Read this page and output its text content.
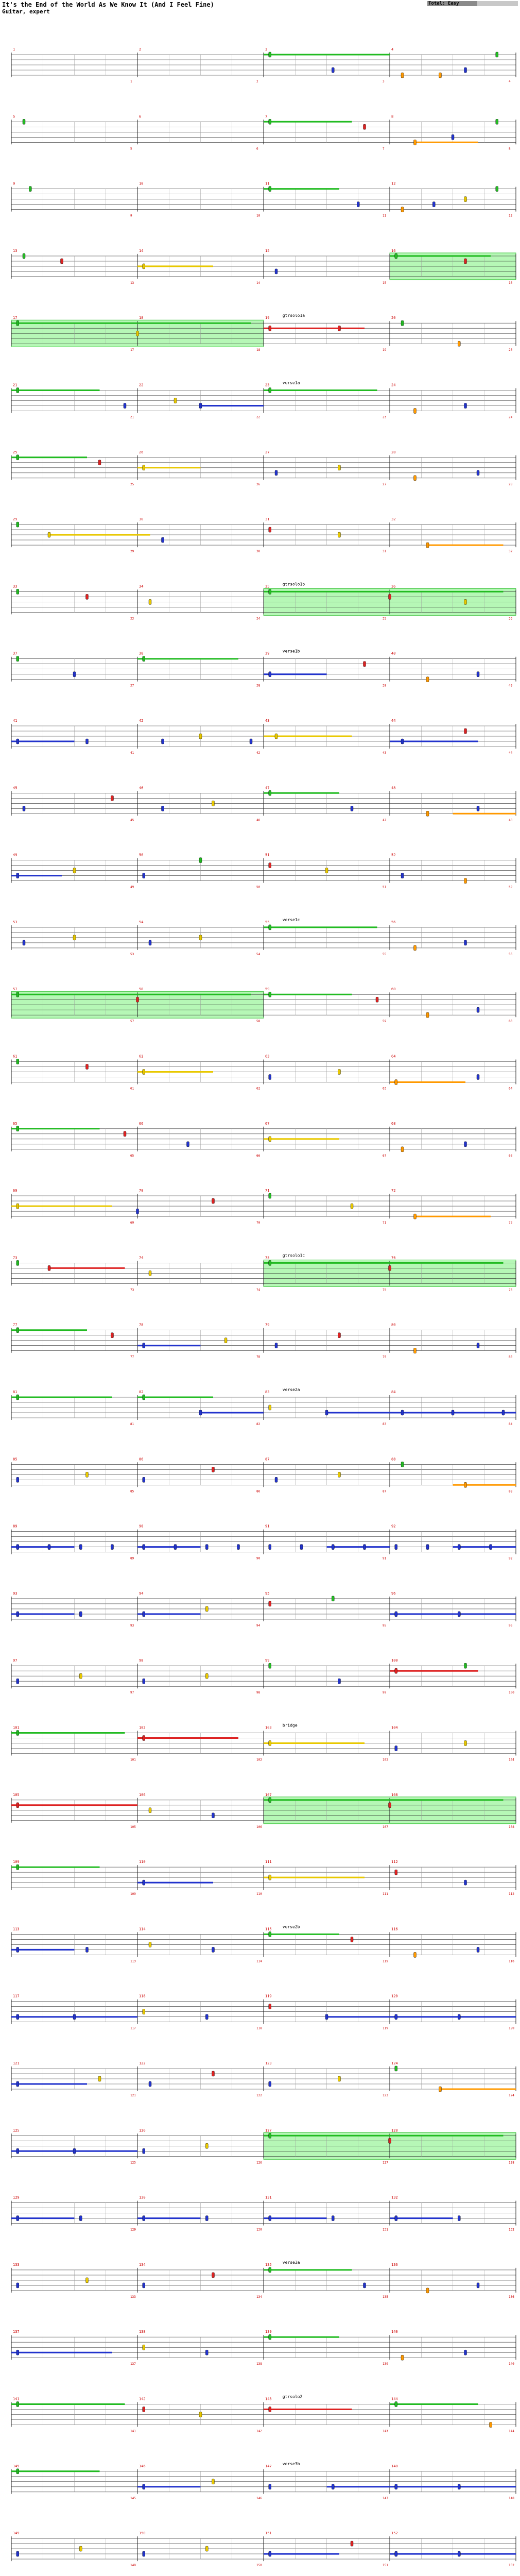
It's the End of the World As We Know It (And I Feel Fine)
Guitar, expert
Total: Easy
1
1
2
2
3
3
4
4
5
5
6
6
7
7
8
8
9
9
10
10
11
11
12
12
13
13
14
14
15
15
16
16
17
17
18
18
19
19
20
20
gtrsolo1a
21
21
22
22
23
23
24
24
verse1a
25
25
26
26
27
27
28
28
29
29
30
30
31
31
32
32
33
33
34
34
35
35
36
36
gtrsolo1b
37
37
38
38
39
39
40
40
verse1b
41
41
42
42
43
43
44
44
45
45
46
46
47
47
48
48
49
49
50
50
51
51
52
52
53
53
54
54
55
55
56
56
verse1c
57
57
58
58
59
59
60
60
61
61
62
62
63
63
64
64
65
65
66
66
67
67
68
68
69
69
70
70
71
71
72
72
73
73
74
74
75
75
76
76
gtrsolo1c
77
77
78
78
79
79
80
80
81
81
82
82
83
83
84
84
verse2a
85
85
86
86
87
87
88
88
89
89
90
90
91
91
92
92
93
93
94
94
95
95
96
96
97
97
98
98
99
99
100
100
101
101
102
102
103
103
104
104
bridge
105
105
106
106
107
107
108
108
109
109
110
110
111
111
112
112
113
113
114
114
115
115
116
116
verse2b
117
117
118
118
119
119
120
120
121
121
122
122
123
123
124
124
125
125
126
126
127
127
128
128
129
129
130
130
131
131
132
132
133
133
134
134
135
135
136
136
verse3a
137
137
138
138
139
139
140
140
141
141
142
142
143
143
144
144
gtrsolo2
145
145
146
146
147
147
148
148
verse3b
149
149
150
150
151
151
152
152
